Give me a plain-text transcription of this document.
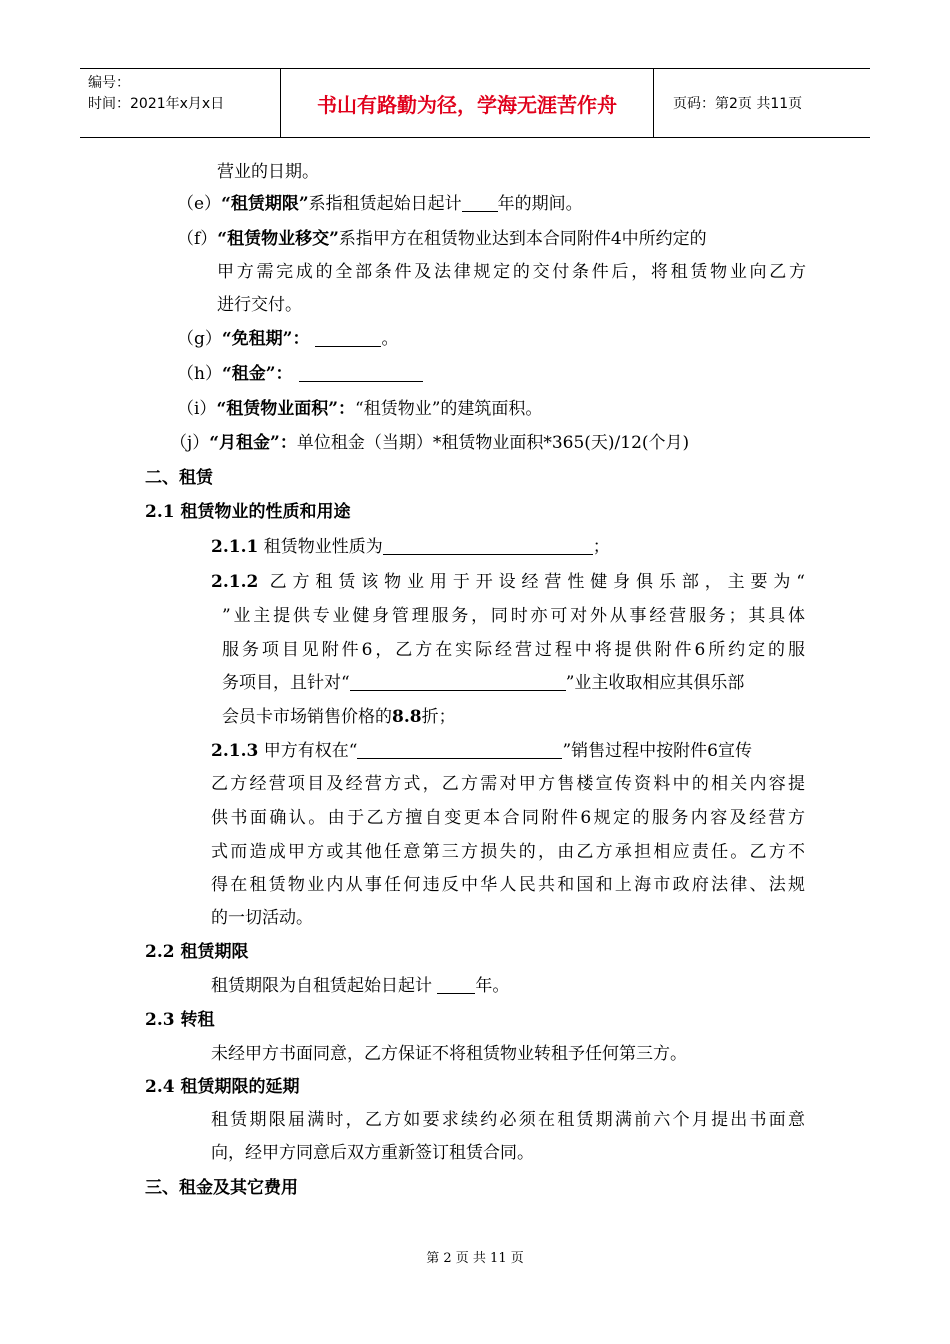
编号：
时间：2021年x月x日	书山有路勤为径，学海无涯苦作舟	页码：第2页 共11页
营业的日期。
（e）“租赁期限”系指租赁起始日起计 年的期间。
（f）“租赁物业移交”系指甲方在租赁物业达到本合同附件4中所约定的
甲方需完成的全部条件及法律规定的交付条件后，将租赁物业向乙方
进行交付。
（g）“免租期”：	。
（h）“租金”：
（i）“租赁物业面积”：“租赁物业”的建筑面积。
（j）“月租金”：单位租金（当期）*租赁物业面积*365(天)/12(个月)
二、租赁
2.1 租赁物业的性质和用途
2.1.1 租赁物业性质为	；
2.1.2 乙方租赁该物业用于开设经营性健身俱乐部，主要为“
”业主提供专业健身管理服务，同时亦可对外从事经营服务；其具体
服务项目见附件6，乙方在实际经营过程中将提供附件6所约定的服
务项目，且针对“	”业主收取相应其俱乐部
会员卡市场销售价格的8.8折；
2.1.3 甲方有权在“	”销售过程中按附件6宣传
乙方经营项目及经营方式，乙方需对甲方售楼宣传资料中的相关内容提
供书面确认。由于乙方擅自变更本合同附件6规定的服务内容及经营方
式而造成甲方或其他任意第三方损失的，由乙方承担相应责任。乙方不
得在租赁物业内从事任何违反中华人民共和国和上海市政府法律、法规
的一切活动。
2.2 租赁期限
租赁期限为自租赁起始日起计 年。
2.3 转租
未经甲方书面同意，乙方保证不将租赁物业转租予任何第三方。
2.4 租赁期限的延期
租赁期限届满时，乙方如要求续约必须在租赁期满前六个月提出书面意
向，经甲方同意后双方重新签订租赁合同。
三、租金及其它费用
第 2 页 共 11 页
